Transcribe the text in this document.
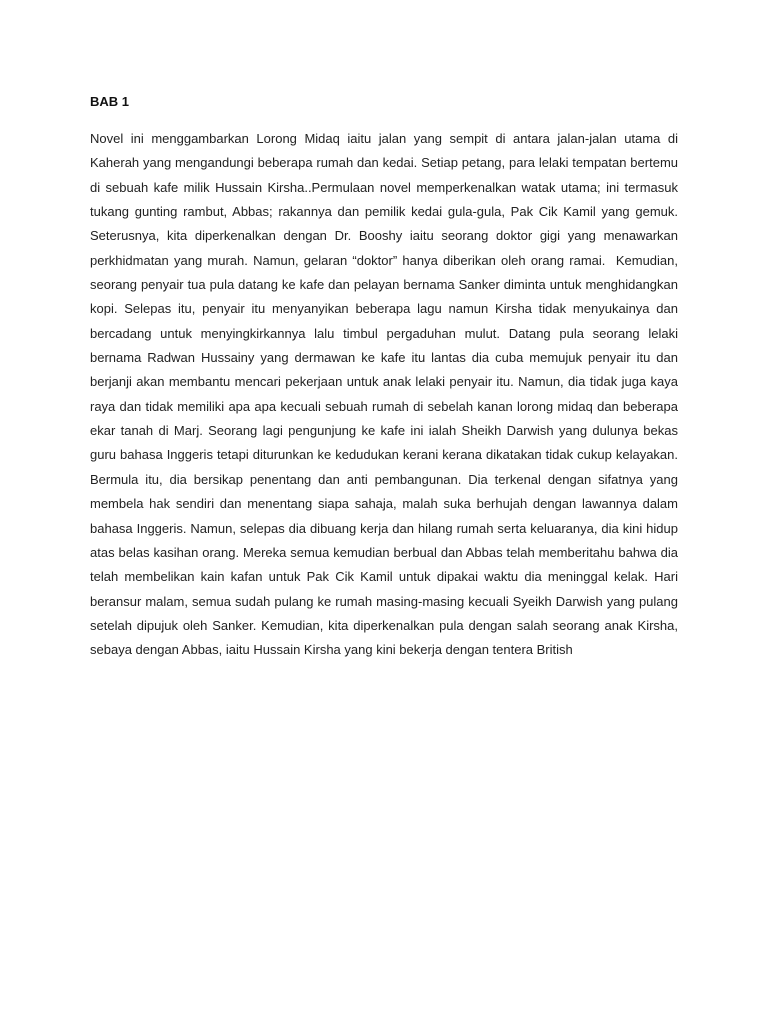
BAB 1

Novel ini menggambarkan Lorong Midaq iaitu jalan yang sempit di antara jalan-jalan utama di Kaherah yang mengandungi beberapa rumah dan kedai. Setiap petang, para lelaki tempatan bertemu di sebuah kafe milik Hussain Kirsha..Permulaan novel memperkenalkan watak utama; ini termasuk tukang gunting rambut, Abbas; rakannya dan pemilik kedai gula-gula, Pak Cik Kamil yang gemuk. Seterusnya, kita diperkenalkan dengan Dr. Booshy iaitu seorang doktor gigi yang menawarkan perkhidmatan yang murah. Namun, gelaran “doktor” hanya diberikan oleh orang ramai.  Kemudian,  seorang penyair tua pula datang ke kafe dan pelayan bernama Sanker diminta untuk menghidangkan kopi. Selepas itu, penyair itu menyanyikan beberapa lagu namun Kirsha tidak menyukainya dan bercadang untuk menyingkirkannya lalu timbul pergaduhan mulut. Datang pula seorang lelaki bernama Radwan Hussainy yang dermawan ke kafe itu lantas dia cuba memujuk penyair itu dan berjanji akan membantu mencari pekerjaan untuk anak lelaki penyair itu. Namun, dia tidak juga kaya raya dan tidak memiliki apa apa kecuali sebuah rumah di sebelah kanan lorong midaq dan beberapa ekar tanah di Marj. Seorang lagi pengunjung ke kafe ini ialah Sheikh Darwish yang dulunya bekas guru bahasa Inggeris tetapi diturunkan ke kedudukan kerani kerana dikatakan tidak cukup kelayakan. Bermula itu, dia bersikap penentang dan anti pembangunan. Dia terkenal dengan sifatnya yang membela hak sendiri dan menentang siapa sahaja, malah suka berhujah dengan lawannya dalam bahasa Inggeris. Namun, selepas dia dibuang kerja dan hilang rumah serta keluaranya, dia kini hidup atas belas kasihan orang. Mereka semua kemudian berbual dan Abbas telah memberitahu bahwa dia telah membelikan kain kafan untuk Pak Cik Kamil untuk dipakai waktu dia meninggal kelak. Hari beransur malam, semua sudah pulang ke rumah masing-masing kecuali Syeikh Darwish yang pulang setelah dipujuk oleh Sanker. Kemudian, kita diperkenalkan pula dengan salah seorang anak Kirsha, sebaya dengan Abbas, iaitu Hussain Kirsha yang kini bekerja dengan tentera British
